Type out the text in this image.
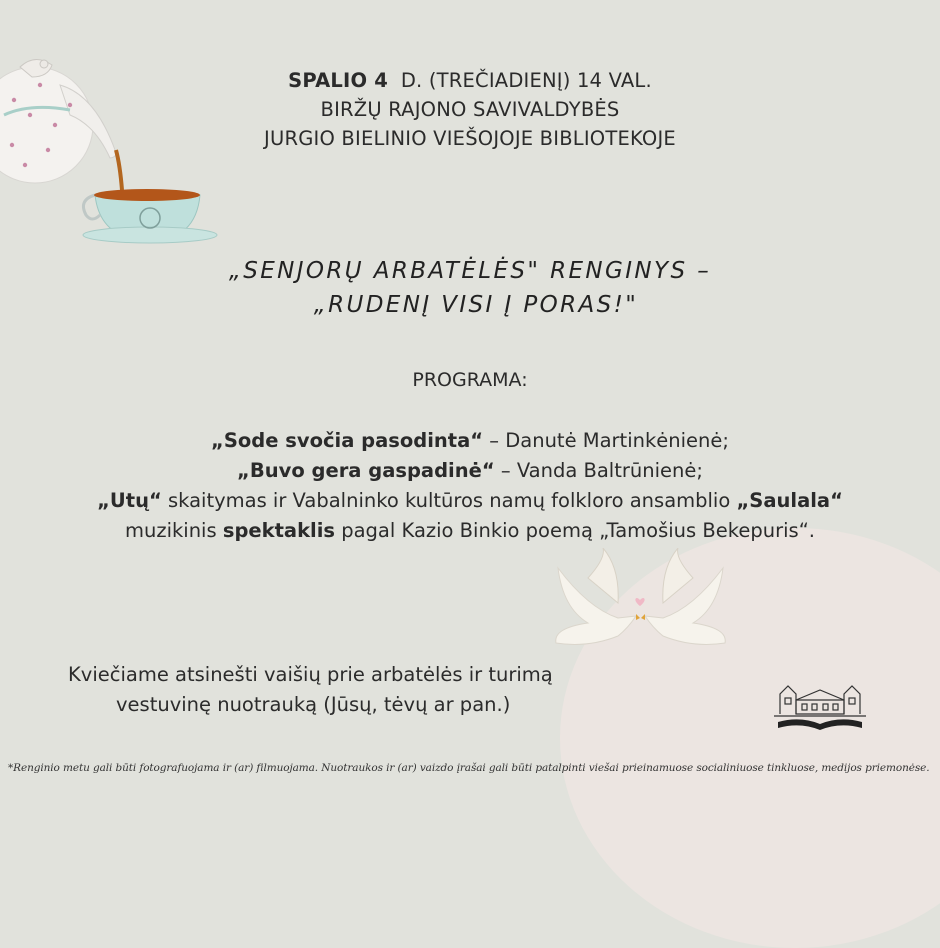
SPALIO 4 D. (TREČIADIENĮ) 14 VAL.
BIRŽŲ RAJONO SAVIVALDYBĖS
JURGIO BIELINIO VIEŠOJOJE BIBLIOTEKOJE
„SENJORŲ ARBATĖLĖS" RENGINYS –
„RUDENĮ VISI Į PORAS!"
PROGRAMA:
„Sode svočia pasodinta“ – Danutė Martinkėnienė;
„Buvo gera gaspadinė“ – Vanda Baltrūnienė;
„Utų“ skaitymas ir Vabalninko kultūros namų folkloro ansamblio „Saulala“
muzikinis spektaklis pagal Kazio Binkio poemą „Tamošius Bekepuris“.
Kviečiame atsinešti vaišių prie arbatėlės ir turimą
vestuvinę nuotrauką (Jūsų, tėvų ar pan.)
*Renginio metu gali būti fotografuojama ir (ar) filmuojama. Nuotraukos ir (ar) vaizdo įrašai gali būti patalpinti viešai prieinamuose socialiniuose tinkluose, medijos priemonėse.
